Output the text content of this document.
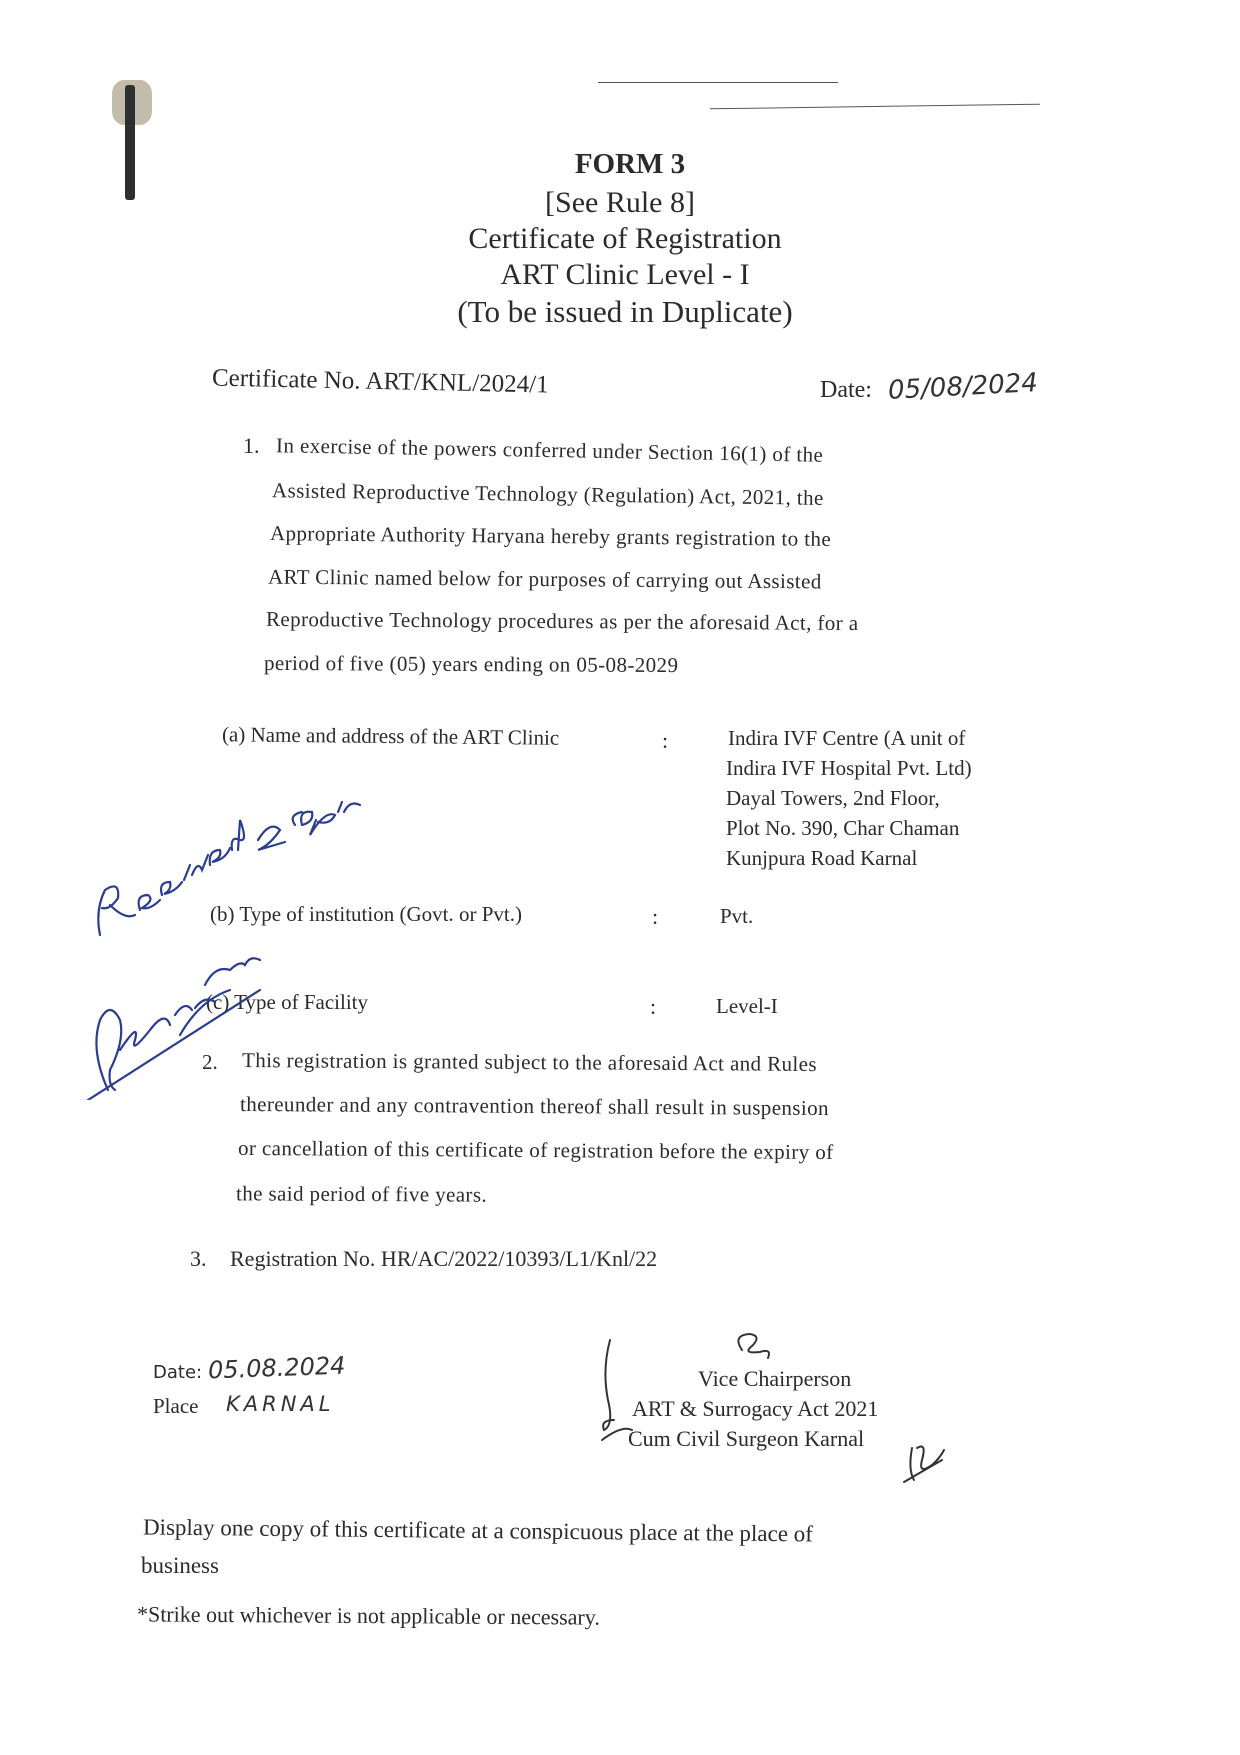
FORM 3
[See Rule 8]
Certificate of Registration
ART Clinic Level - I
(To be issued in Duplicate)
Certificate No. ART/KNL/2024/1	Date: 05/08/2024
1. In exercise of the powers conferred under Section 16(1) of the
Assisted Reproductive Technology (Regulation) Act, 2021, the
Appropriate Authority Haryana hereby grants registration to the
ART Clinic named below for purposes of carrying out Assisted
Reproductive Technology procedures as per the aforesaid Act, for a
period of five (05) years ending on 05-08-2029
(a) Name and address of the ART Clinic	:	Indira IVF Centre (A unit of
Indira IVF Hospital Pvt. Ltd)
Dayal Towers, 2nd Floor,
Plot No. 390, Char Chaman
Kunjpura Road Karnal
(b) Type of institution (Govt. or Pvt.)	:	Pvt.
(c) Type of Facility	:	Level-I
2. This registration is granted subject to the aforesaid Act and Rules
thereunder and any contravention thereof shall result in suspension
or cancellation of this certificate of registration before the expiry of
the said period of five years.
3. Registration No. HR/AC/2022/10393/L1/Knl/22
Date: 05.08.2024
Place KARNAL
Vice Chairperson
ART & Surrogacy Act 2021
Cum Civil Surgeon Karnal
Display one copy of this certificate at a conspicuous place at the place of
business
*Strike out whichever is not applicable or necessary.
